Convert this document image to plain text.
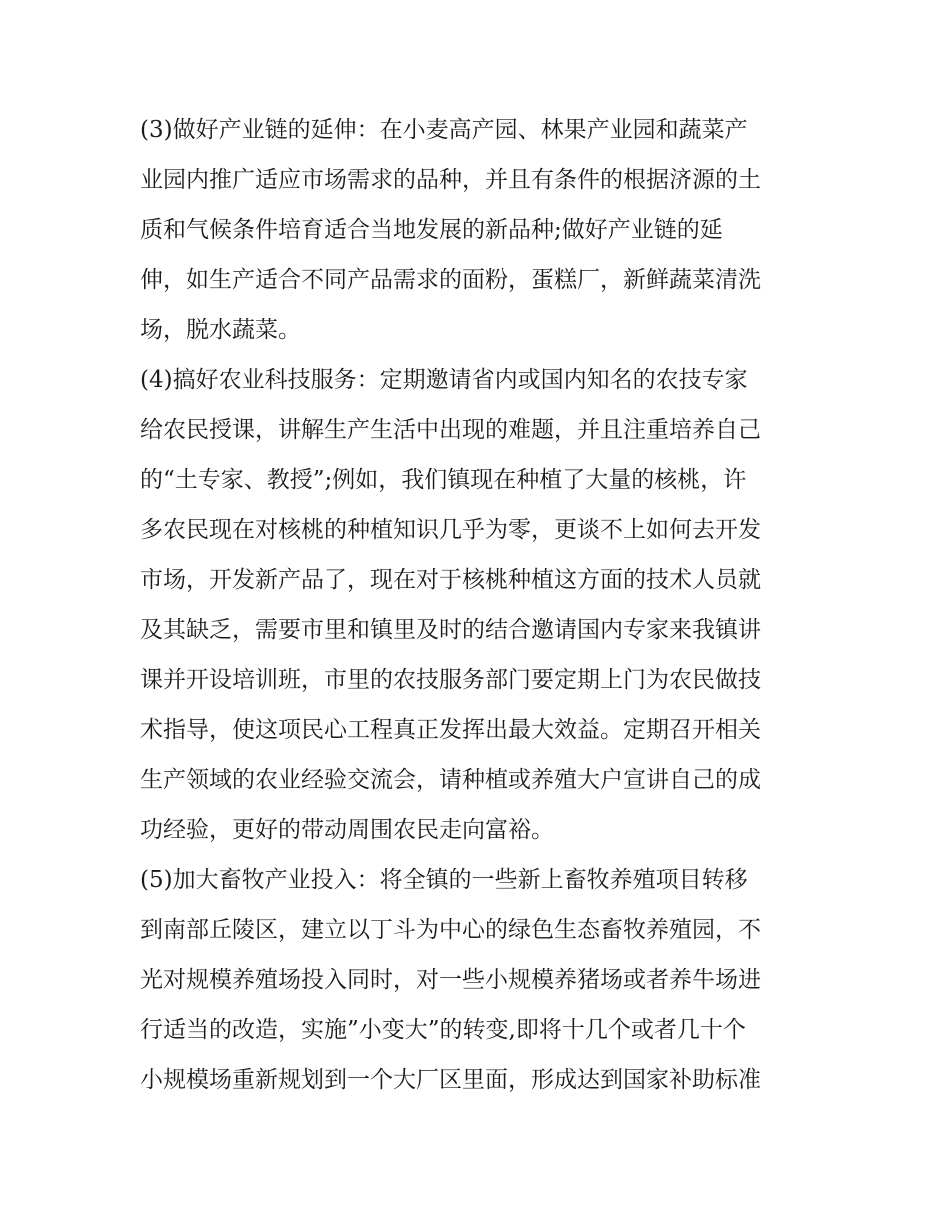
(3)做好产业链的延伸：在小麦高产园、林果产业园和蔬菜产
业园内推广适应市场需求的品种，并且有条件的根据济源的土
质和气候条件培育适合当地发展的新品种;做好产业链的延
伸，如生产适合不同产品需求的面粉，蛋糕厂，新鲜蔬菜清洗
场，脱水蔬菜。
(4)搞好农业科技服务：定期邀请省内或国内知名的农技专家
给农民授课，讲解生产生活中出现的难题，并且注重培养自己
的“土专家、教授”;例如，我们镇现在种植了大量的核桃，许
多农民现在对核桃的种植知识几乎为零，更谈不上如何去开发
市场，开发新产品了，现在对于核桃种植这方面的技术人员就
及其缺乏，需要市里和镇里及时的结合邀请国内专家来我镇讲
课并开设培训班，市里的农技服务部门要定期上门为农民做技
术指导，使这项民心工程真正发挥出最大效益。定期召开相关
生产领域的农业经验交流会，请种植或养殖大户宣讲自己的成
功经验，更好的带动周围农民走向富裕。
(5)加大畜牧产业投入：将全镇的一些新上畜牧养殖项目转移
到南部丘陵区，建立以丁斗为中心的绿色生态畜牧养殖园，不
光对规模养殖场投入同时，对一些小规模养猪场或者养牛场进
行适当的改造，实施”小变大”的转变,即将十几个或者几十个
小规模场重新规划到一个大厂区里面，形成达到国家补助标准
